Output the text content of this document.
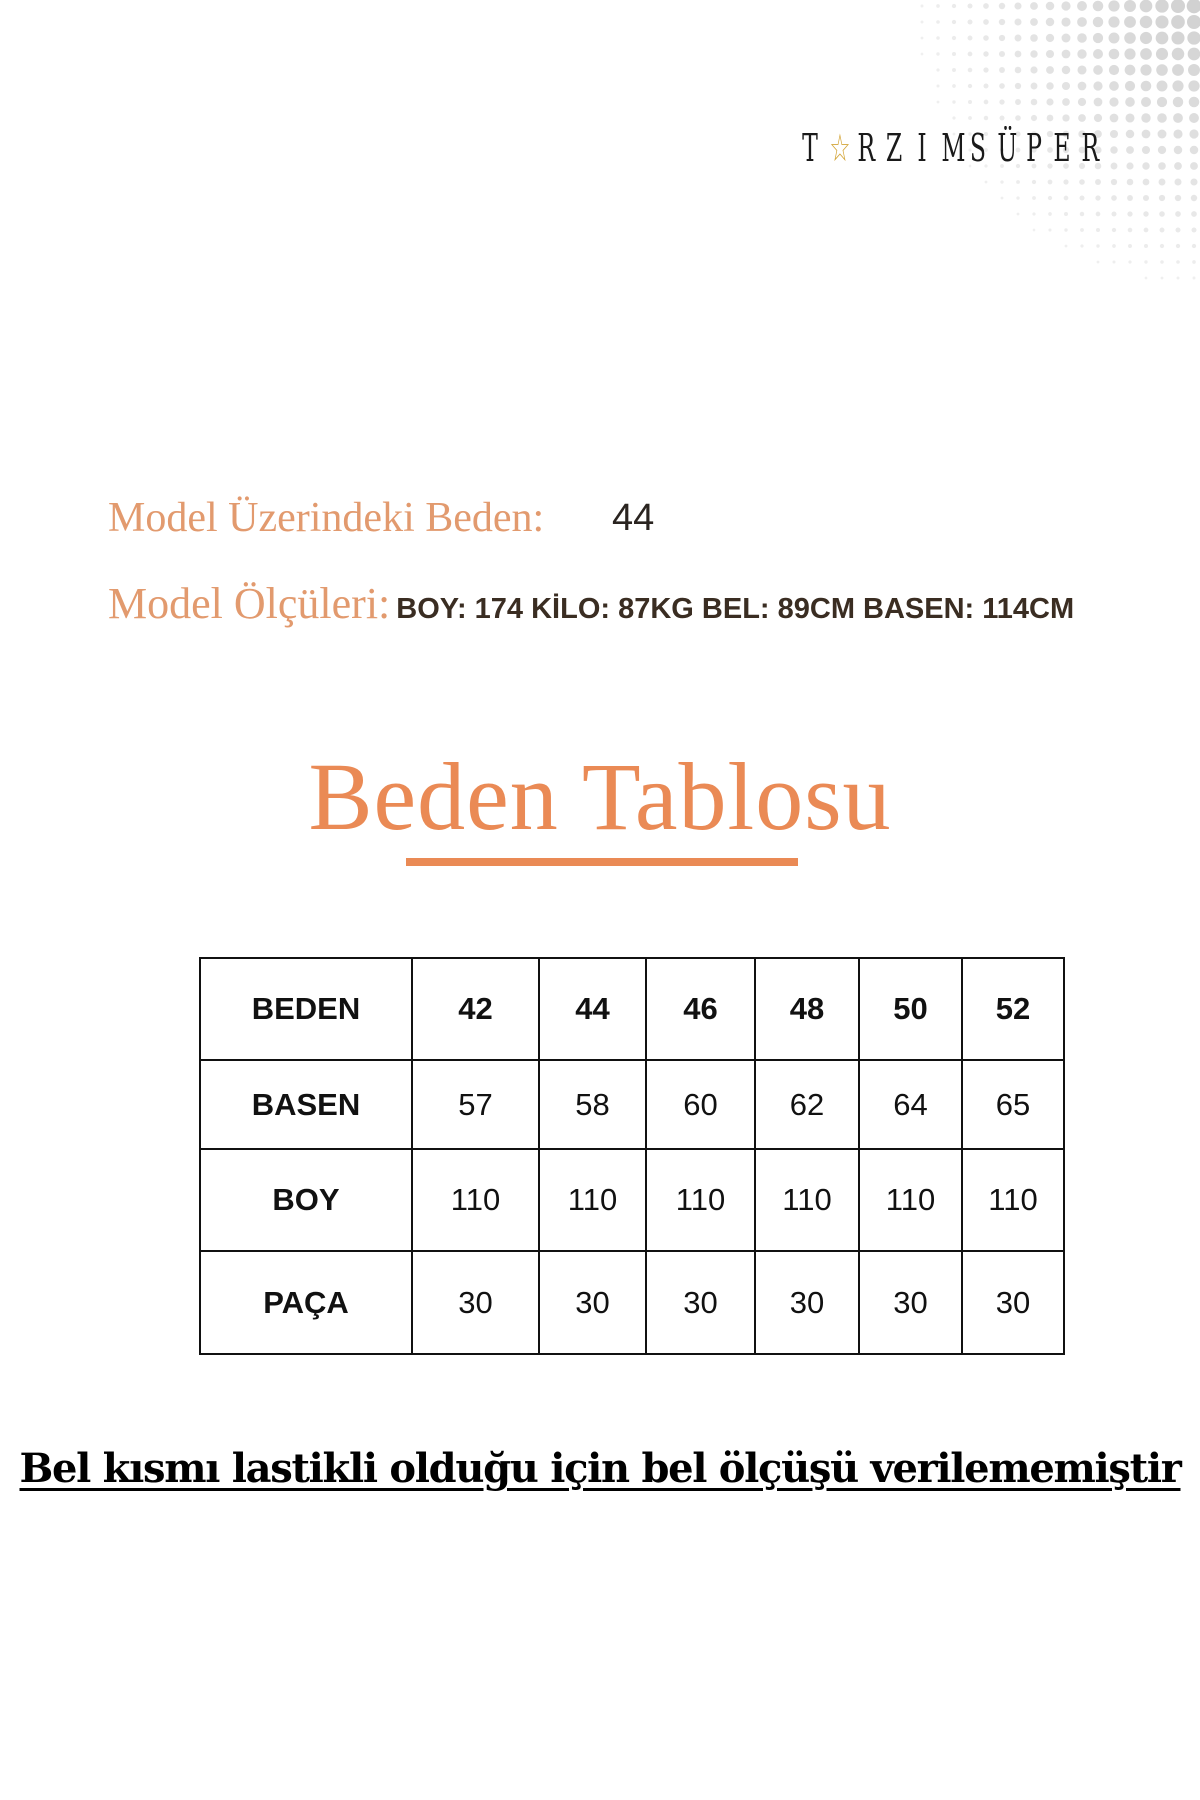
T ☆ R Z I M S Ü P E R
Model Üzerindeki Beden: 44
Model Ölçüleri: BOY: 174 KİLO: 87KG BEL: 89CM BASEN: 114CM
Beden Tablosu
BEDEN	42	44	46	48	50	52
BASEN	57	58	60	62	64	65
BOY	110	110	110	110	110	110
PAÇA	30	30	30	30	30	30
Bel kısmı lastikli olduğu için bel ölçüşü verilememiştir
